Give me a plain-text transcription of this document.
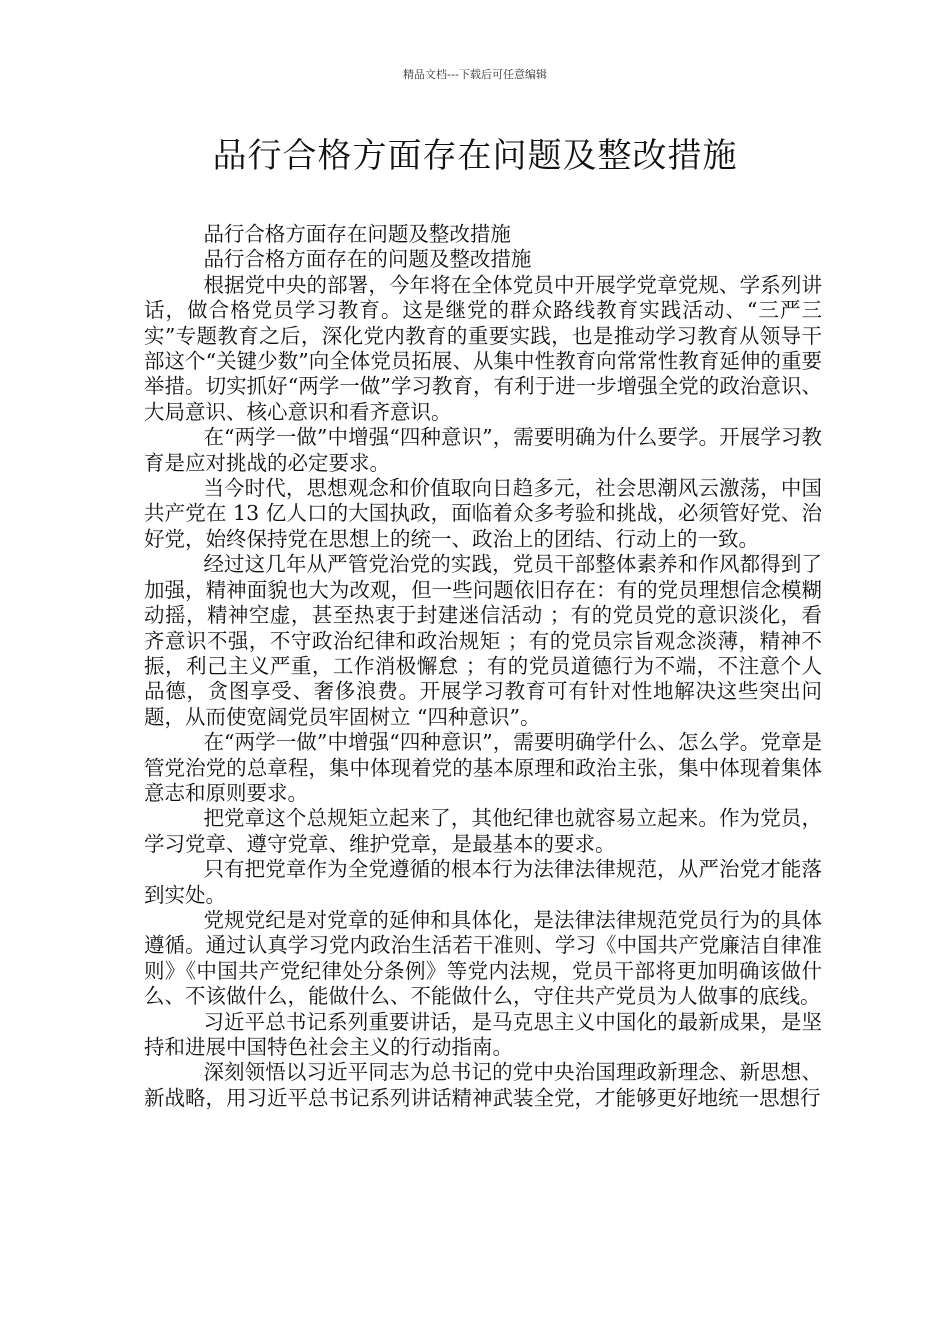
精品文档---下载后可任意编辑
品行合格方面存在问题及整改措施

品行合格方面存在问题及整改措施

品行合格方面存在的问题及整改措施

根据党中央的部署，今年将在全体党员中开展学党章党规、学系列讲话，做合格党员学习教育。这是继党的群众路线教育实践活动、“三严三实”专题教育之后，深化党内教育的重要实践，也是推动学习教育从领导干部这个“关键少数”向全体党员拓展、从集中性教育向常常性教育延伸的重要举措。切实抓好“两学一做”学习教育，有利于进一步增强全党的政治意识、大局意识、核心意识和看齐意识。

在“两学一做”中增强“四种意识”，需要明确为什么要学。开展学习教育是应对挑战的必定要求。

当今时代，思想观念和价值取向日趋多元，社会思潮风云激荡，中国共产党在 13 亿人口的大国执政，面临着众多考验和挑战，必须管好党、治好党，始终保持党在思想上的统一、政治上的团结、行动上的一致。

经过这几年从严管党治党的实践，党员干部整体素养和作风都得到了加强，精神面貌也大为改观，但一些问题依旧存在：有的党员理想信念模糊动摇，精神空虚，甚至热衷于封建迷信活动 ；有的党员党的意识淡化，看齐意识不强，不守政治纪律和政治规矩 ；有的党员宗旨观念淡薄，精神不振，利己主义严重，工作消极懈怠 ；有的党员道德行为不端，不注意个人品德，贪图享受、奢侈浪费。开展学习教育可有针对性地解决这些突出问题，从而使宽阔党员牢固树立 “四种意识”。

在“两学一做”中增强“四种意识”，需要明确学什么、怎么学。党章是管党治党的总章程，集中体现着党的基本原理和政治主张，集中体现着集体意志和原则要求。

把党章这个总规矩立起来了，其他纪律也就容易立起来。作为党员，学习党章、遵守党章、维护党章，是最基本的要求。

只有把党章作为全党遵循的根本行为法律法律规范，从严治党才能落到实处。

党规党纪是对党章的延伸和具体化，是法律法律规范党员行为的具体遵循。通过认真学习党内政治生活若干准则、学习《中国共产党廉洁自律准则》《中国共产党纪律处分条例》等党内法规，党员干部将更加明确该做什么、不该做什么，能做什么、不能做什么，守住共产党员为人做事的底线。

习近平总书记系列重要讲话，是马克思主义中国化的最新成果，是坚持和进展中国特色社会主义的行动指南。

深刻领悟以习近平同志为总书记的党中央治国理政新理念、新思想、新战略，用习近平总书记系列讲话精神武装全党，才能够更好地统一思想行
